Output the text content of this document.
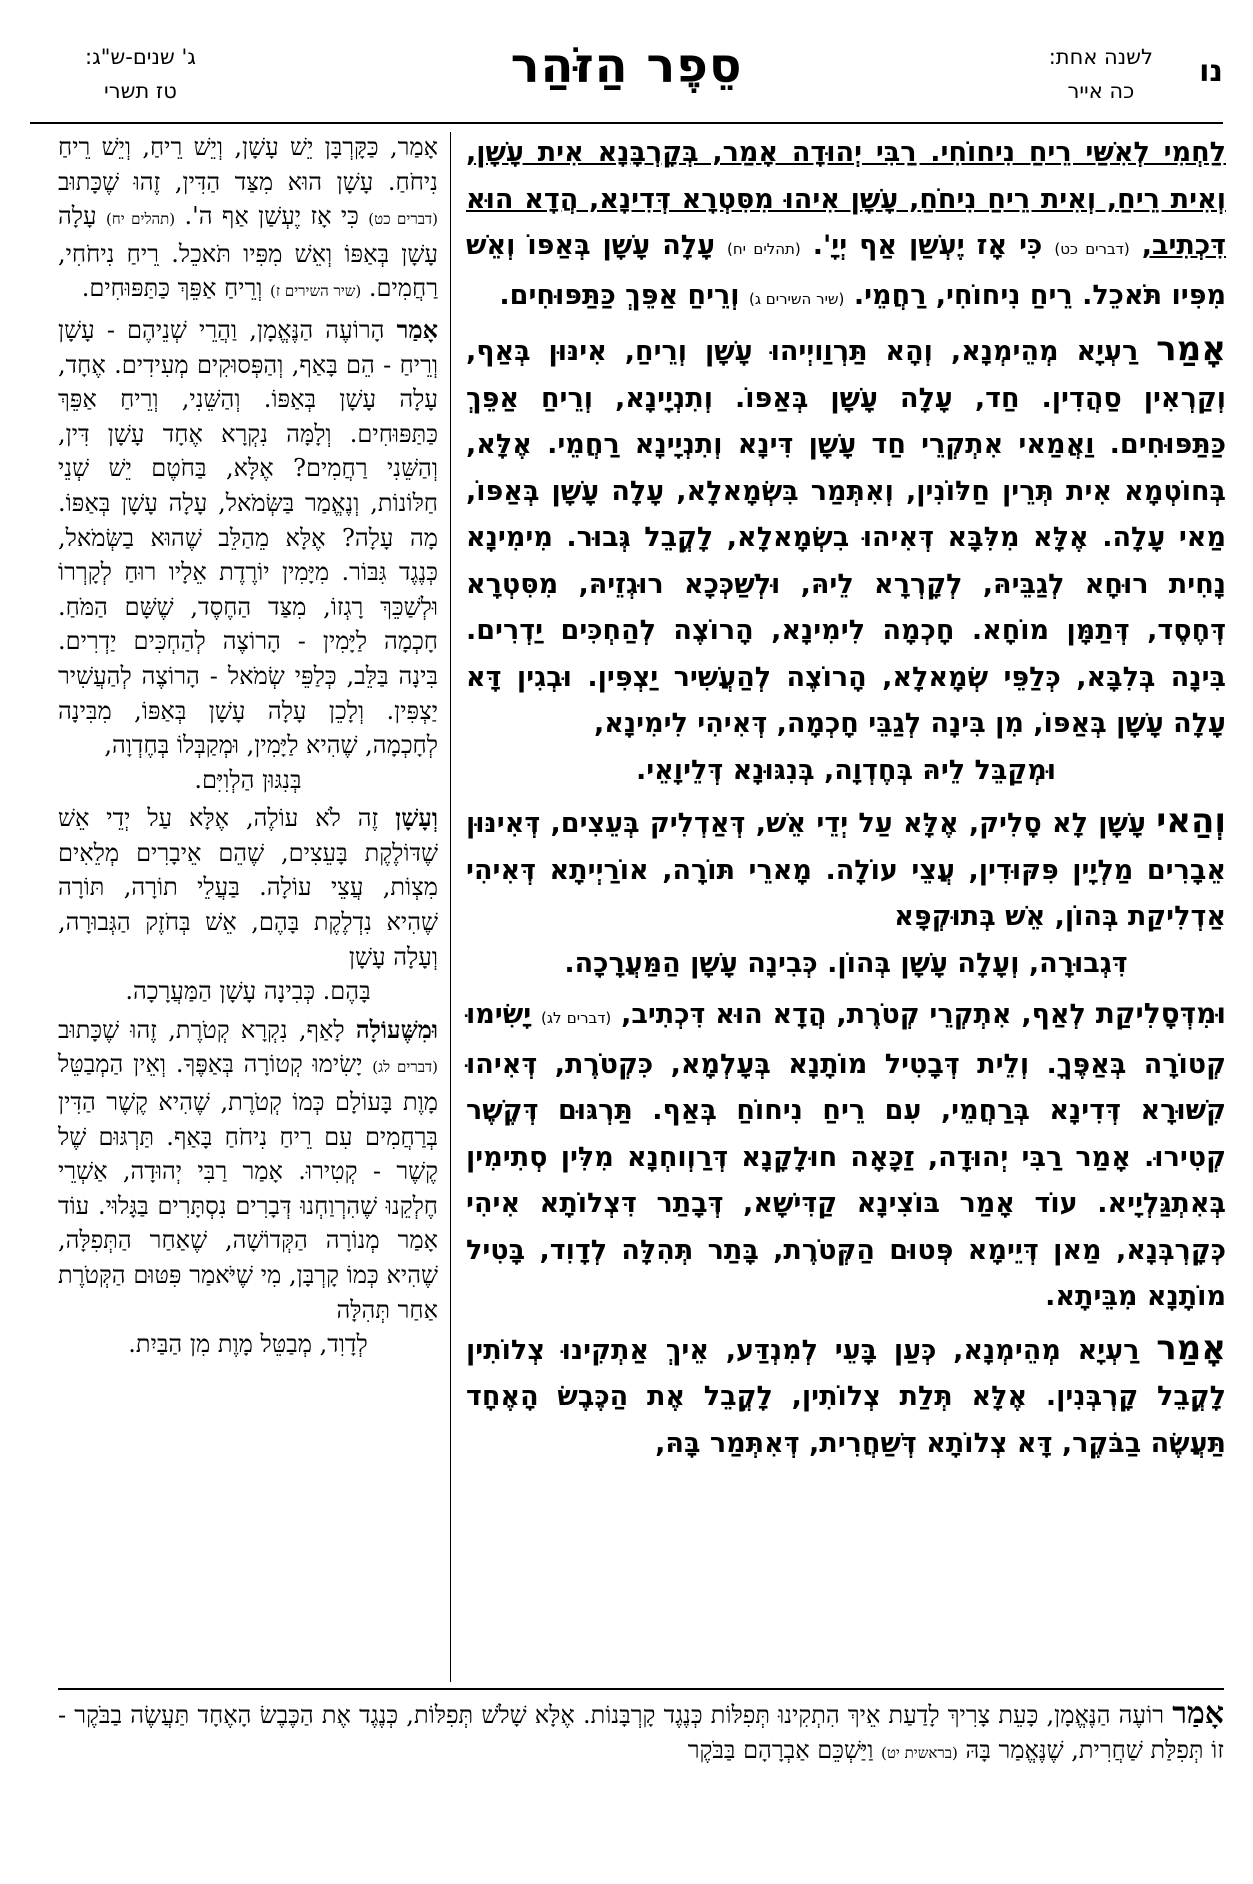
נו
לשנה אחת:
כה אייר
סֵפֶר הַזֹּהַר
ג' שנים-ש"ג:
טז תשרי

לַחְמִי לְאִשַּׁי רֵיחַ נִיחוֹחִי. רַבִּי יְהוּדָה אָמַר, בְּקָרְבָּנָא אִית עָשָׁן, וְאִית רֵיחַ, וְאִית רֵיחַ נִיחֹחַ, עָשָׁן אִיהוּ מִסִּטְרָא דְּדִינָא, הֲדָא הוּא דִּכְתִיב, (דברים כט) כִּי אָז יֶעְשַׁן אַף יְיָ'. (תהלים יח) עָלָה עָשָׁן בְּאַפּוֹ וְאֵשׁ מִפִּיו תֹּאכֵל. רֵיחַ נִיחוֹחִי, רַחֲמֵי. (שיר השירים ג) וְרֵיחַ אַפֵּךְ כַּתַּפּוּחִים.

אָמַר רַעְיָא מְהֵימְנָא, וְהָא תַּרְוַויְיהוּ עָשָׁן וְרֵיחַ, אִינּוּן בְּאַף, וְקַרְאִין סַהֲדִין. חַד, עָלָה עָשָׁן בְּאַפּוֹ. וְתִנְיָינָא, וְרֵיחַ אַפֵּךְ כַּתַּפּוּחִים. וַאֲמַאי אִתְקְרֵי חַד עָשָׁן דִּינָא וְתִנְיָינָא רַחֲמֵי. אֶלָּא, בְּחוֹטְמָא אִית תְּרֵין חַלּוֹנִין, וְאִתְּמַר בִּשְׂמָאלָא, עָלָה עָשָׁן בְּאַפּוֹ, מַאי עָלָה. אֶלָּא מִלִּבָּא דְּאִיהוּ בִשְׂמָאלָא, לָקֳבֵל גְּבוּר. מִימִינָא נָחִית רוּחָא לְגַבֵּיהּ, לְקָרְרָא לֵיהּ, וּלְשַׁכְּכָא רוּגְזֵיהּ, מִסִּטְרָא דְּחֶסֶד, דְּתַמָּן מוֹחָא. חָכְמָה לִימִינָא, הָרוֹצֶה לְהַחְכִּים יַדְרִים. בִּינָה בְּלִבָּא, כְּלַפֵּי שְׂמָאלָא, הָרוֹצֶה לְהַעֲשִׁיר יַצְפִּין. וּבְגִין דָּא עָלָה עָשָׁן בְּאַפּוֹ, מִן בִּינָה לְגַבֵּי חָכְמָה, דְּאִיהִי לִימִינָא,
וּמְקַבֵּל לֵיהּ בְּחֶדְוָה, בְּנִגּוּנָא דְּלֵיוָאֵי.

וְהַאי עָשָׁן לָא סָלִיק, אֶלָּא עַל יְדֵי אֵשׁ, דְּאַדְלִיק בְּעֵצִים, דְּאִינּוּן אֵבָרִים מַלְיָין פִּקּוּדִין, עֲצֵי עוֹלָה. מָארֵי תּוֹרָה, אוֹרַיְיתָא דְּאִיהִי אַדְלִיקַת בְּהוֹן, אֵשׁ בְּתוּקְפָּא
דִּגְבוּרָה, וְעָלָה עָשָׁן בְּהוֹן. כְּבִינָה עָשָׁן הַמַּעֲרָכָה.

וּמִדְּסָלִיקַת לְאַף, אִתְקְרֵי קְטֹרֶת, הֲדָא הוּא דִּכְתִיב, (דברים לג) יָשִׂימוּ קְטוֹרָה בְּאַפֶּךָ. וְלֵית דְּבָטִיל מוֹתָנָא בְּעָלְמָא, כִּקְטֹרֶת, דְּאִיהוּ קִשּׁוּרָא דְּדִינָא בְּרַחֲמֵי, עִם רֵיחַ נִיחוֹחַ בְּאַף. תַּרְגּוּם דְּקֶשֶׁר קְטִירוּ. אָמַר רַבִּי יְהוּדָה, זַכָּאָה חוּלָקָנָא דְּרַוְוחְנָא מִלִּין סְתִימִין בְּאִתְגַּלְיָיא. עוֹד אָמַר בּוֹצִינָא קַדִּישָׁא, דְּבָתַר דִּצְלוֹתָא אִיהִי כְּקָרְבְּנָא, מַאן דְּיֵימָא פְּטוּם הַקְּטֹרֶת, בָּתַר תְּהִלָּה לְדָוִד, בָּטִיל מוֹתָנָא מִבֵּיתָא.

אָמַר רַעְיָא מְהֵימְנָא, כְּעַן בָּעֵי לְמִנְדַּע, אֵיךְ אַתְקִינוּ צְלוֹתִין לָקֳבֵל קָרְבְּנִין. אֶלָּא תְּלַת צְלוֹתִין, לָקֳבֵל אֶת הַכֶּבֶשׂ הָאֶחָד תַּעֲשֶׂה בַבֹּקֶר, דָּא צְלוֹתָא דְּשַׁחֲרִית, דְּאִתְּמַר בָּהּ,

אָמַר, כַּקָּרְבָּן יֵשׁ עָשָׁן, וְיֵשׁ רֵיחַ, וְיֵשׁ רֵיחַ נִיחֹחַ. עָשָׁן הוּא מִצַּד הַדִּין, זֶהוּ שֶׁכָּתוּב (דברים כט) כִּי אָז יֶעְשַׁן אַף ה'. (תהלים יח) עָלָה עָשָׁן בְּאַפּוֹ וְאֵשׁ מִפִּיו תֹּאכֵל. רֵיחַ נִיחֹחִי, רַחֲמִים. (שיר השירים ז) וְרֵיחַ אַפֵּךְ כַּתַּפּוּחִים.

אָמַר הָרוֹעֶה הַנֶּאֱמָן, וַהֲרֵי שְׁנֵיהֶם - עָשָׁן וְרֵיחַ - הֵם בָּאַף, וְהַפְּסוּקִים מְעִידִים. אֶחָד, עָלָה עָשָׁן בְּאַפּוֹ. וְהַשֵּׁנִי, וְרֵיחַ אַפֵּךְ כַּתַּפּוּחִים. וְלָמָּה נִקְרָא אֶחָד עָשָׁן דִּין, וְהַשֵּׁנִי רַחֲמִים? אֶלָּא, בַּחֹטֶם יֵשׁ שְׁנֵי חַלּוֹנוֹת, וְנֶאֱמַר בַּשְּׂמֹאל, עָלָה עָשָׁן בְּאַפּוֹ. מָה עָלָה? אֶלָּא מֵהַלֵּב שֶׁהוּא בַשְּׂמֹאל, כְּנֶגֶד גִּבּוֹר. מִיָּמִין יוֹרֶדֶת אֵלָיו רוּחַ לְקָרְרוֹ וּלְשַׁכֵּךְ רָגְזוֹ, מִצַּד הַחֶסֶד, שֶׁשָּׁם הַמֹּחַ. חָכְמָה לַיָּמִין - הָרוֹצֶה לְהַחְכִּים יַדְרִים. בִּינָה בַּלֵּב, כְּלַפֵּי שְׂמֹאל - הָרוֹצֶה לְהַעֲשִׁיר יַצְפִּין. וְלָכֵן עָלָה עָשָׁן בְּאַפּוֹ, מִבִּינָה לְחָכְמָה, שֶׁהִיא לַיָּמִין, וּמְקַבְּלוֹ בְּחֶדְוָה,
בְּנִגּוּן הַלְוִיִּם.

וְעָשָׁן זֶה לֹא עוֹלֶה, אֶלָּא עַל יְדֵי אֵשׁ שֶׁדּוֹלֶקֶת בָּעֵצִים, שֶׁהֵם אֵיבָרִים מְלֵאִים מִצְוֹת, עֲצֵי עוֹלָה. בַּעֲלֵי תוֹרָה, תּוֹרָה שֶׁהִיא נִדְלֶקֶת בָּהֶם, אֵשׁ בְּחֹזֶק הַגְּבוּרָה, וְעָלָה עָשָׁן
בָּהֶם. כְּבִינָה עָשָׁן הַמַּעֲרָכָה.

וּמִשֶּׁעוֹלָה לָאַף, נִקְרָא קְטֹרֶת, זֶהוּ שֶׁכָּתוּב (דברים לג) יָשִׂימוּ קְטוֹרָה בְּאַפֶּךָ. וְאֵין הַמְבַטֵּל מָוֶת בָּעוֹלָם כְּמוֹ קְטֹרֶת, שֶׁהִיא קֶשֶׁר הַדִּין בְּרַחֲמִים עִם רֵיחַ נִיחֹחַ בָּאַף. תַּרְגּוּם שֶׁל קֶשֶׁר - קְטִירוּ. אָמַר רַבִּי יְהוּדָה, אַשְׁרֵי חֶלְקֵנוּ שֶׁהִרְוַחְנוּ דְּבָרִים נִסְתָּרִים בַּגָּלוּי. עוֹד אָמַר מְנוֹרָה הַקְּדוֹשָׁה, שֶׁאַחַר הַתְּפִלָּה, שֶׁהִיא כְּמוֹ קָרְבָּן, מִי שֶׁיֹּאמַר פִּטּוּם הַקְּטֹרֶת אַחַר תְּהִלָּה
לְדָוִד, מְבַטֵּל מָוֶת מִן הַבַּיִת.

אָמַר רוֹעֶה הַנֶּאֱמָן, כָּעֵת צָרִיךְ לָדַעַת אֵיךְ הִתְקִינוּ תְּפִלּוֹת כְּנֶגֶד קָרְבָּנוֹת. אֶלָּא שָׁלֹשׁ תְּפִלּוֹת, כְּנֶגֶד אֶת הַכֶּבֶשׂ הָאֶחָד תַּעֲשֶׂה בַבֹּקֶר - זוֹ תְּפִלַּת שַׁחֲרִית, שֶׁנֶּאֱמַר בָּהּ (בראשית יט) וַיַּשְׁכֵּם אַבְרָהָם בַּבֹּקֶר
